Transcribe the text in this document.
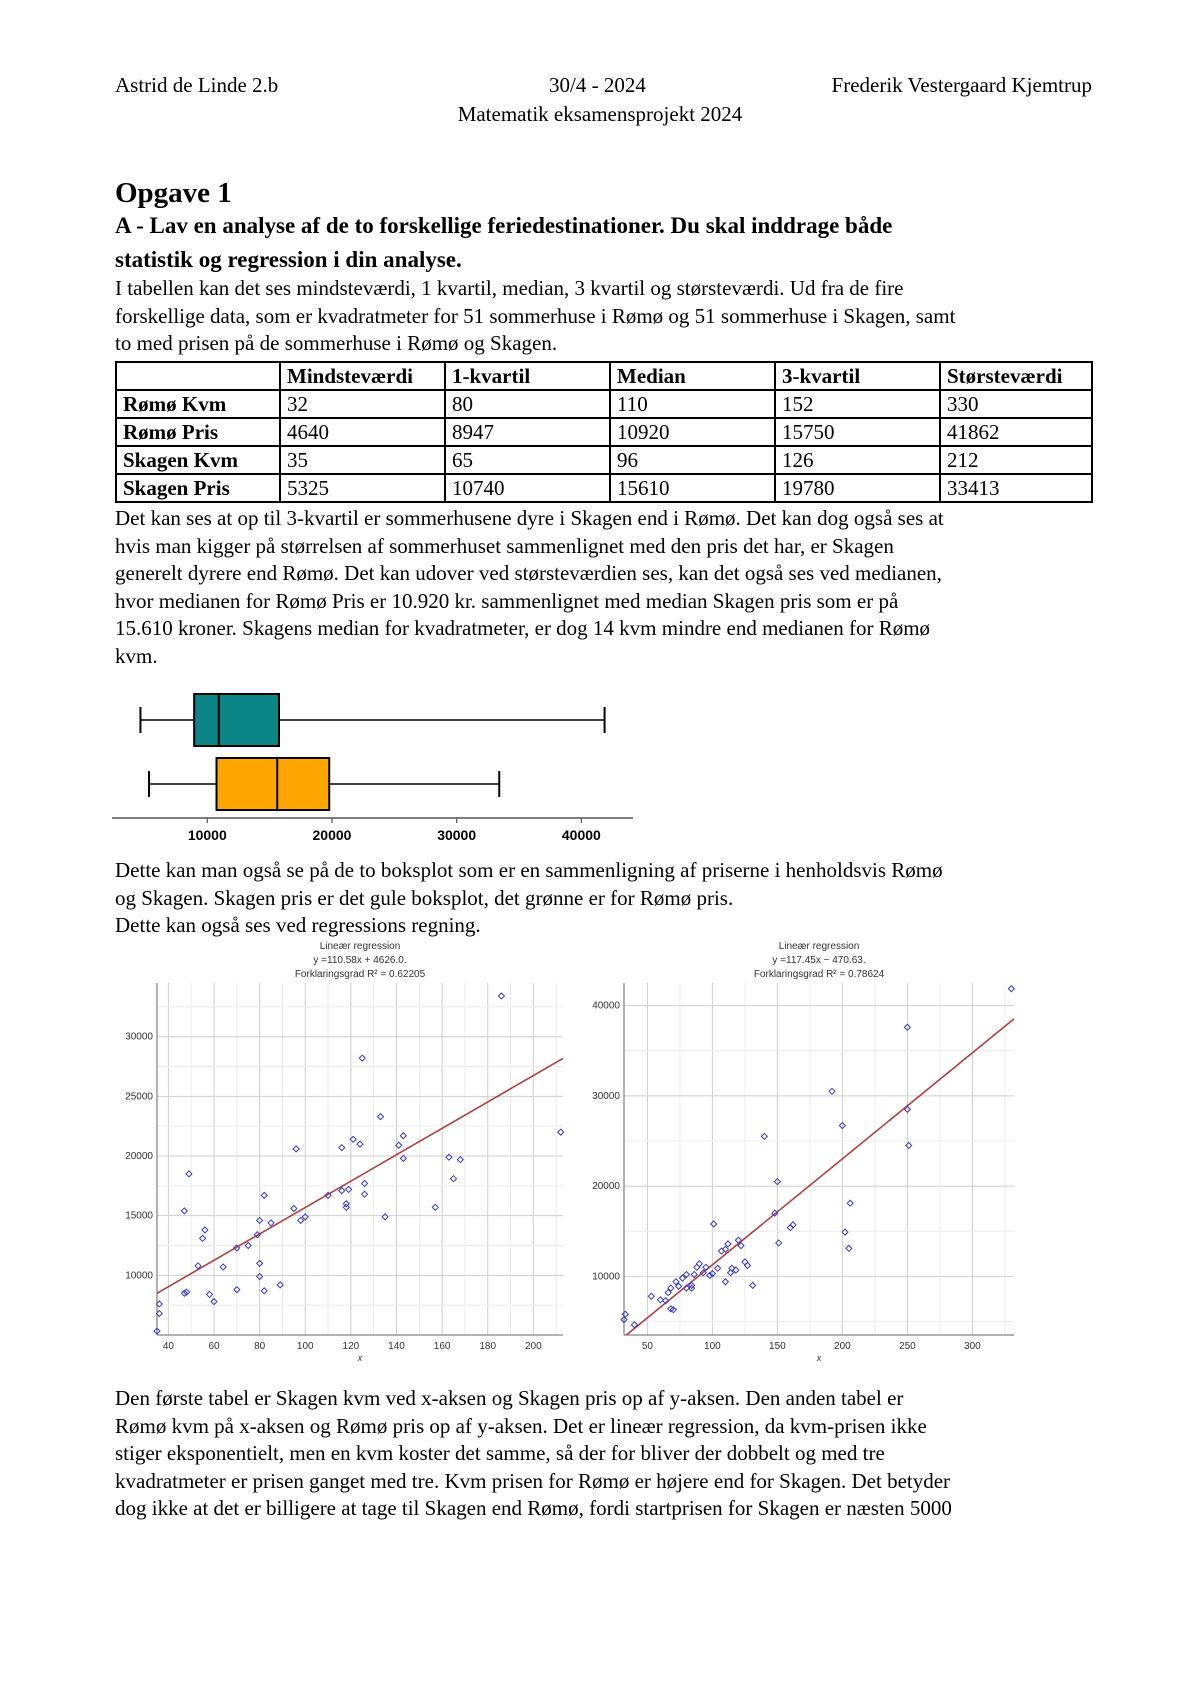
Astrid de Linde 2.b	30/4 - 2024	Frederik Vestergaard Kjemtrup
Matematik eksamensprojekt 2024
Opgave 1
A - Lav en analyse af de to forskellige feriedestinationer. Du skal inddrage både
statistik og regression i din analyse.
I tabellen kan det ses mindsteværdi, 1 kvartil, median, 3 kvartil og størsteværdi. Ud fra de fire
forskellige data, som er kvadratmeter for 51 sommerhuse i Rømø og 51 sommerhuse i Skagen, samt
to med prisen på de sommerhuse i Rømø og Skagen.
	Mindsteværdi	1-kvartil	Median	3-kvartil	Størsteværdi
Rømø Kvm	32	80	110	152	330
Rømø Pris	4640	8947	10920	15750	41862
Skagen Kvm	35	65	96	126	212
Skagen Pris	5325	10740	15610	19780	33413
Det kan ses at op til 3-kvartil er sommerhusene dyre i Skagen end i Rømø. Det kan dog også ses at
hvis man kigger på størrelsen af sommerhuset sammenlignet med den pris det har, er Skagen
generelt dyrere end Rømø. Det kan udover ved størsteværdien ses, kan det også ses ved medianen,
hvor medianen for Rømø Pris er 10.920 kr. sammenlignet med median Skagen pris som er på
15.610 kroner. Skagens median for kvadratmeter, er dog 14 kvm mindre end medianen for Rømø
kvm.
10000	20000	30000	40000
Dette kan man også se på de to boksplot som er en sammenligning af priserne i henholdsvis Rømø
og Skagen. Skagen pris er det gule boksplot, det grønne er for Rømø pris.
Dette kan også ses ved regressions regning.
Lineær regression
y =110.58x + 4626.0.
Forklaringsgrad R² = 0.62205
40	60	80	100	120	140	160	180	200
10000
15000
20000
25000
30000
x
Lineær regression
y =117.45x − 470.63.
Forklaringsgrad R² = 0.78624
50	100	150	200	250	300
10000
20000
30000
40000
x
Den første tabel er Skagen kvm ved x-aksen og Skagen pris op af y-aksen. Den anden tabel er
Rømø kvm på x-aksen og Rømø pris op af y-aksen. Det er lineær regression, da kvm-prisen ikke
stiger eksponentielt, men en kvm koster det samme, så der for bliver der dobbelt og med tre
kvadratmeter er prisen ganget med tre. Kvm prisen for Rømø er højere end for Skagen. Det betyder
dog ikke at det er billigere at tage til Skagen end Rømø, fordi startprisen for Skagen er næsten 5000
